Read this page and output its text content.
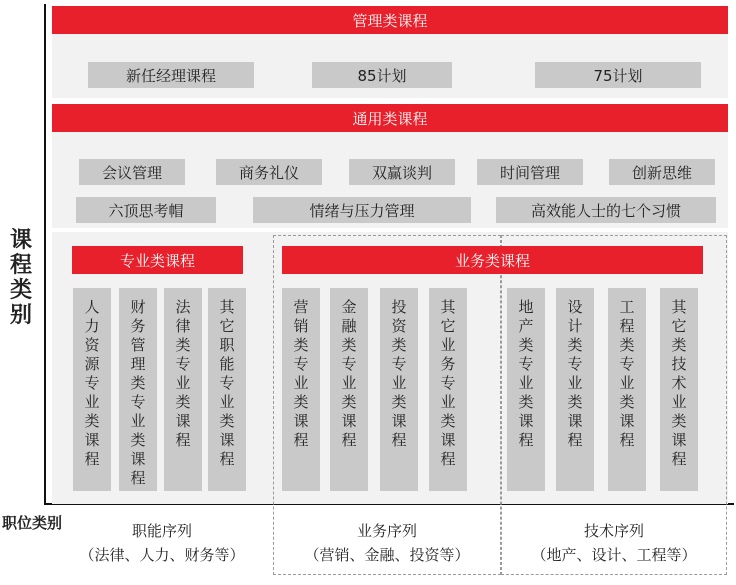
课程类别
职位类别
管理类课程
新任经理课程	85计划	75计划
通用类课程
会议管理	商务礼仪	双赢谈判	时间管理	创新思维
六顶思考帽	情绪与压力管理	高效能人士的七个习惯
专业类课程	业务类课程
人力资源专业类课程
财务管理类专业类课程
法律类专业类课程
其它职能专业类课程
营销类专业类课程
金融类专业类课程
投资类专业类课程
其它业务专业类课程
地产类专业类课程
设计类专业类课程
工程类专业类课程
其它类技术业类课程
职能序列
（法律、人力、财务等）
业务序列
（营销、金融、投资等）
技术序列
（地产、设计、工程等）
